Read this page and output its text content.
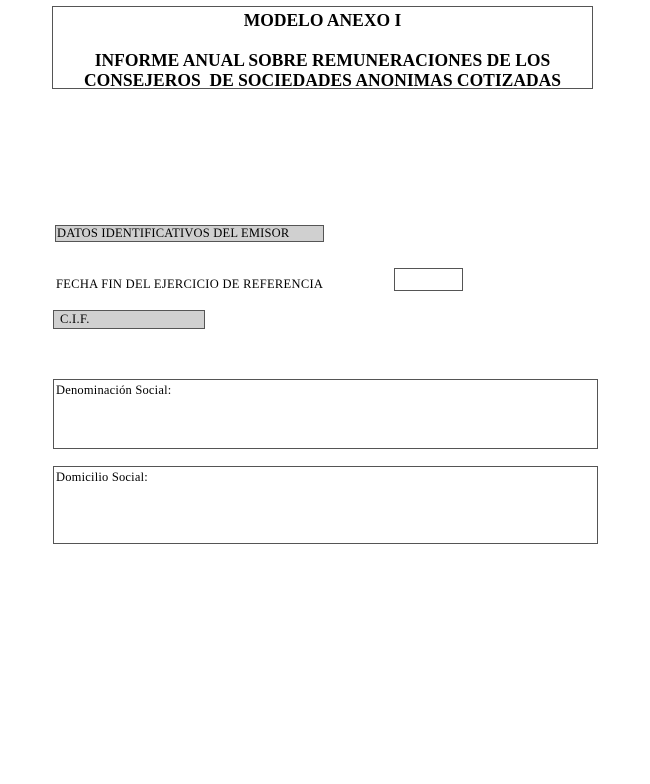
MODELO ANEXO I
INFORME ANUAL SOBRE REMUNERACIONES DE LOS
CONSEJEROS  DE SOCIEDADES ANONIMAS COTIZADAS
DATOS IDENTIFICATIVOS DEL EMISOR
FECHA FIN DEL EJERCICIO DE REFERENCIA
C.I.F.
Denominación Social:
Domicilio Social:
